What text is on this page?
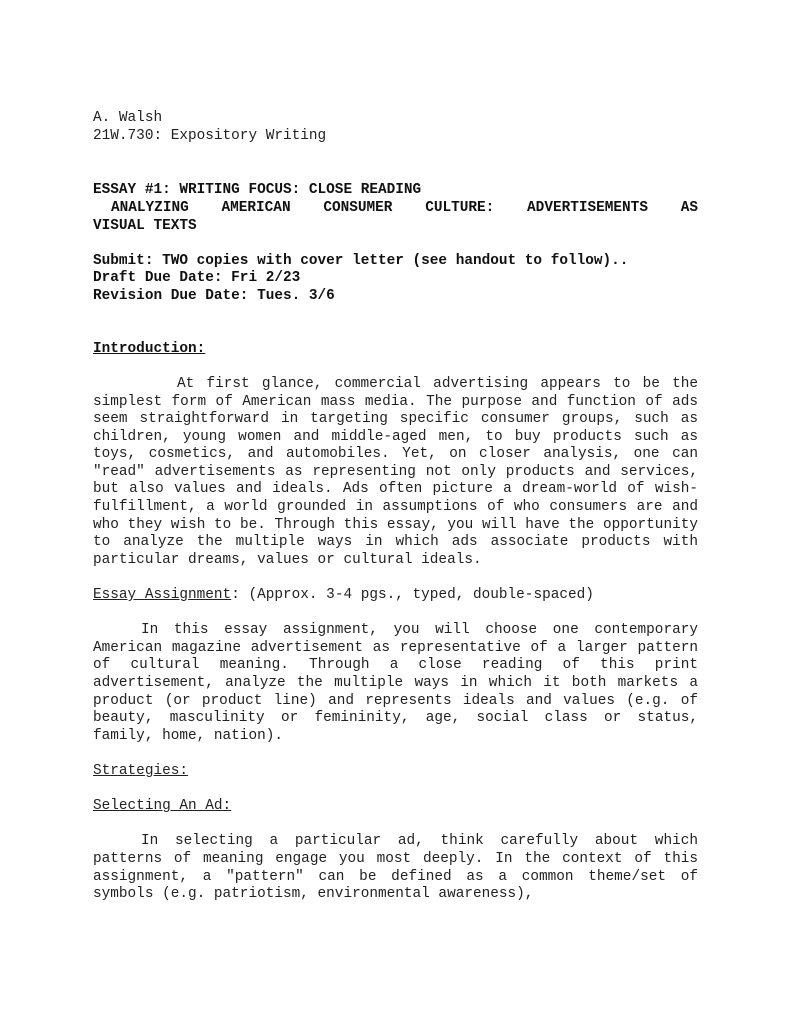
A. Walsh
21W.730: Expository Writing
ESSAY #1: WRITING FOCUS: CLOSE READING

ANALYZING AMERICAN CONSUMER CULTURE: ADVERTISEMENTS AS

VISUAL TEXTS
Submit: TWO copies with cover letter (see handout to follow)..
Draft Due Date: Fri 2/23
Revision Due Date: Tues. 3/6
Introduction:

At first glance, commercial advertising appears to be the simplest form of American mass media. The purpose and function of ads seem straightforward in targeting specific consumer groups, such as children, young women and middle-aged men, to buy products such as toys, cosmetics, and automobiles. Yet, on closer analysis, one can "read" advertisements as representing not only products and services, but also values and ideals. Ads often picture a dream-world of wish-fulfillment, a world grounded in assumptions of who consumers are and who they wish to be. Through this essay, you will have the opportunity to analyze the multiple ways in which ads associate products with particular dreams, values or cultural ideals.

Essay Assignment: (Approx. 3-4 pgs., typed, double-spaced)

In this essay assignment, you will choose one contemporary American magazine advertisement as representative of a larger pattern of cultural meaning. Through a close reading of this print advertisement, analyze the multiple ways in which it both markets a product (or product line) and represents ideals and values (e.g. of beauty, masculinity or femininity, age, social class or status, family, home, nation).

Strategies:
Selecting An Ad:

In selecting a particular ad, think carefully about which patterns of meaning engage you most deeply. In the context of this assignment, a "pattern" can be defined as a common theme/set of symbols (e.g. patriotism, environmental awareness),
